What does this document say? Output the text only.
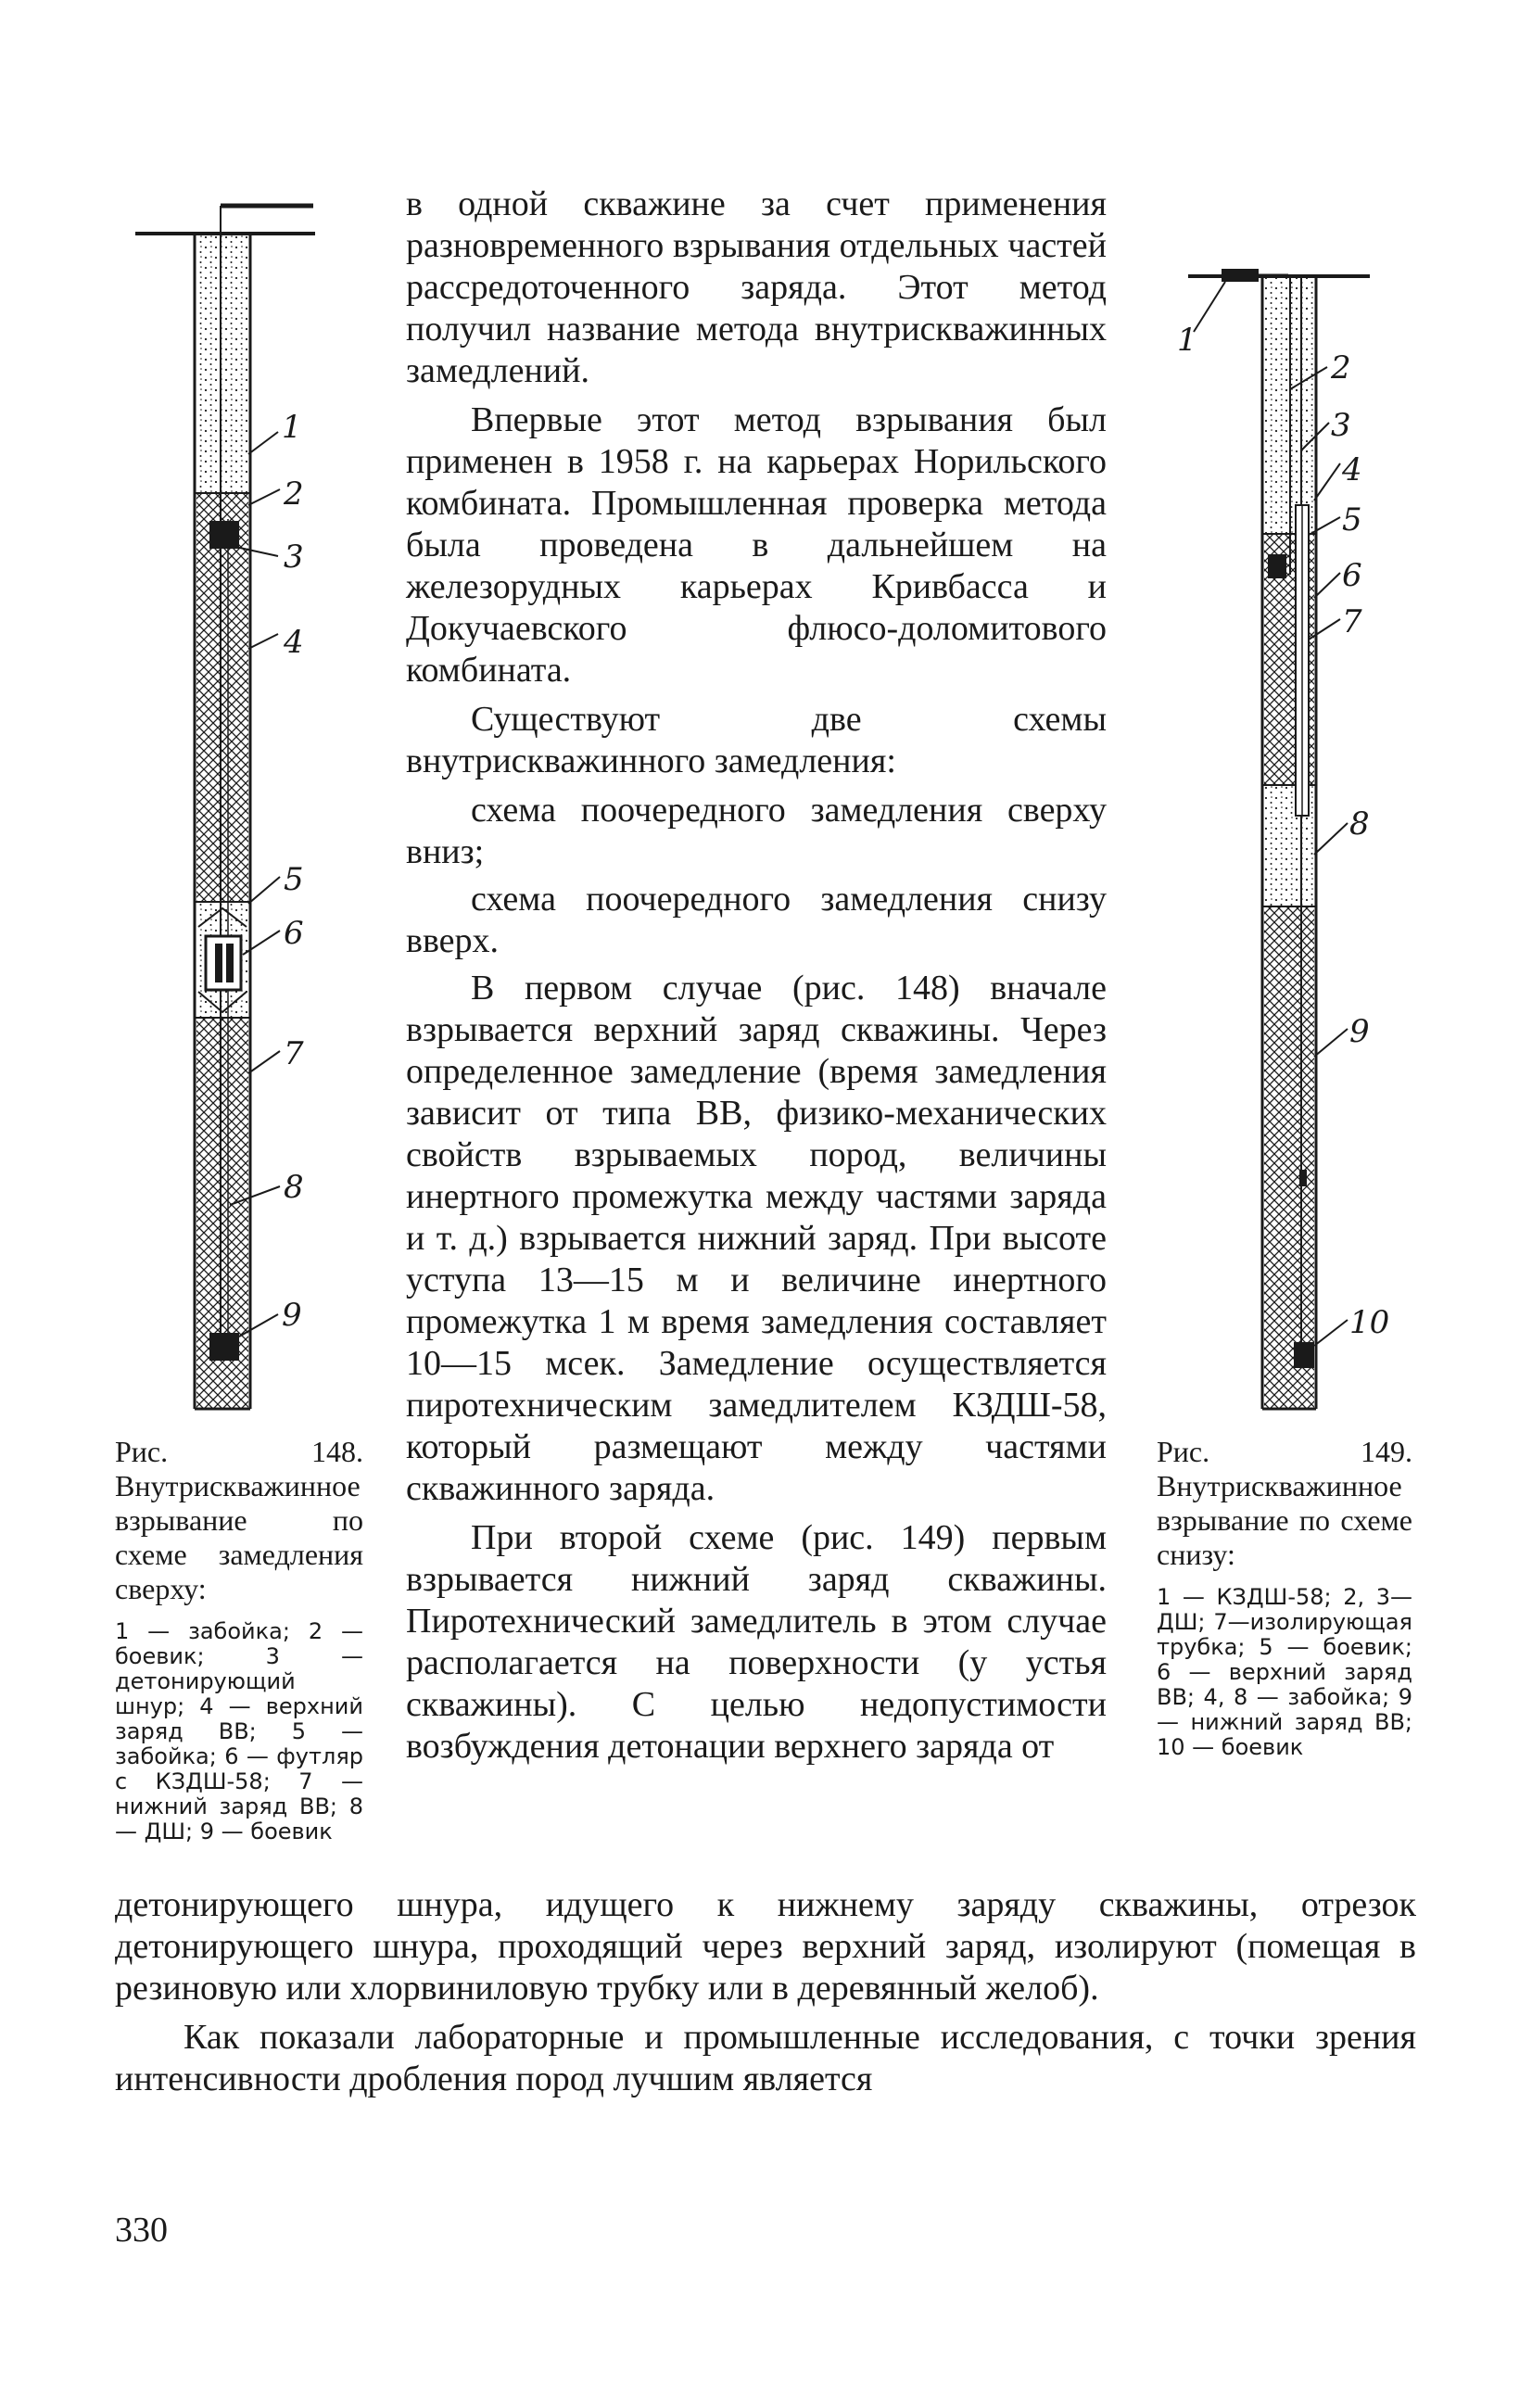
1
2
3
4
5
6
7
8
9
1
2
3
4
5
6
7
8
9
10

в одной скважине за счет применения разновременного взрывания отдельных частей рассредоточенного заряда. Этот метод получил название метода внутрискважинных замедлений.

Впервые этот метод взрывания был применен в 1958 г. на карьерах Норильского комбината. Промышленная проверка метода была проведена в дальнейшем на железорудных карьерах Кривбасса и Докучаевского флюсо-доломитового комбината.

Существуют две схемы внутрискважинного замедления:

схема поочередного замедления сверху вниз;

схема поочередного замедления снизу вверх.

В первом случае (рис. 148) вначале взрывается верхний заряд скважины. Через определенное замедление (время замедления зависит от типа ВВ, физико-механических свойств взрываемых пород, величины инертного промежутка между частями заряда и т. д.) взрывается нижний заряд. При высоте уступа 13—15 м и величине инертного промежутка 1 м время замедления составляет 10—15 мсек. Замедление осуществляется пиротехническим замедлителем КЗДШ-58, который размещают между частями скважинного заряда.

При второй схеме (рис. 149) первым взрывается нижний заряд скважины. Пиротехнический замедлитель в этом случае располагается на поверхности (у устья скважины). С целью недопустимости возбуждения детонации верхнего заряда от

Рис. 148. Внутрискважинное взрывание по схеме замедления сверху:

1 — забойка; 2 — боевик; 3 — детонирующий шнур; 4 — верхний заряд ВВ; 5 — забойка; 6 — футляр с КЗДШ-58; 7 — нижний заряд ВВ; 8 — ДШ; 9 — боевик

Рис. 149. Внутрискважинное взрывание по схеме снизу:

1 — КЗДШ-58; 2, 3—ДШ; 7—изолирующая трубка; 5 — боевик; 6 — верхний заряд ВВ; 4, 8 — забойка; 9 — нижний заряд ВВ; 10 — боевик

детонирующего шнура, идущего к нижнему заряду скважины, отрезок детонирующего шнура, проходящий через верхний заряд, изолируют (помещая в резиновую или хлорвиниловую трубку или в деревянный желоб).

Как показали лабораторные и промышленные исследования, с точки зрения интенсивности дробления пород лучшим является

330
